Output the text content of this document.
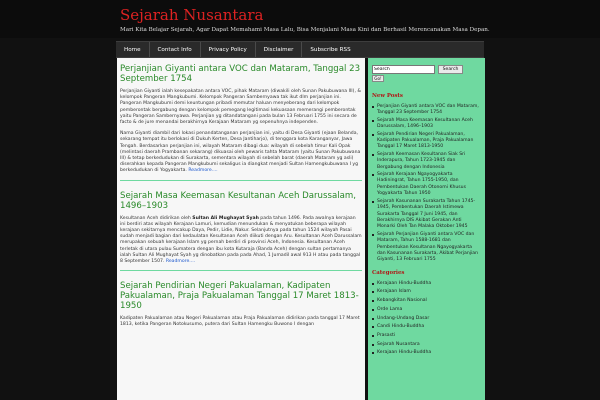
Sejarah Nusantara
Mari Kita Belajar Sejarah, Agar Dapat Memahami Masa Lalu, Bisa Menjalani Masa Kini dan Berhasil Merencanakan Masa Depan.
Home	Contact Info	Privacy Policy	Disclaimer	Subscribe RSS
Perjanjian Giyanti antara VOC dan Mataram, Tanggal 23 September 1754

Perjanjian Giyanti ialah kesepakatan antara VOC, pihak Mataram (diwakili oleh Sunan Pakubuwana III), & kelompok Pangeran Mangkubumi. Kelompok Pangeran Sambernyawa tak ikut dlm perjanjian ini. Pangeran Mangkubumi demi keuntungan pribadi memutar haluan menyeberang dari kelompok pemberontak bergabung dengan kelompok pemegang legitimasi kekuasaan memerangi pemberontak yaitu Pangeran Sambernyawa. Perjanjian yg ditandatangani pada bulan 13 Februari 1755 ini secara de facto & de jure menandai berakhirnya Kerajaan Mataram yg sepenuhnya independen.

Nama Giyanti diambil dari lokasi penandatanganan perjanjian ini, yaitu di Desa Giyanti (ejaan Belanda, sekarang tempat itu berlokasi di Dukuh Kerten, Desa Jantiharjo), di tenggara kota Karanganyar, Jawa Tengah. Berdasarkan perjanjian ini, wilayah Mataram dibagi dua: wilayah di sebelah timur Kali Opak (melintasi daerah Prambanan sekarang) dikuasai oleh pewaris tahta Mataram (yaitu Sunan Pakubuwana III) & tetap berkedudukan di Surakarta, sementara wilayah di sebelah barat (daerah Mataram yg asli) diserahkan kepada Pangeran Mangkubumi sekaligus ia diangkat menjadi Sultan Hamengkubuwana I yg berkedudukan di Yogyakarta. Readmore....

Sejarah Masa Keemasan Kesultanan Aceh Darussalam, 1496–1903

Kesultanan Aceh didirikan oleh Sultan Ali Mughayat Syah pada tahun 1496. Pada awalnya kerajaan ini berdiri atas wilayah Kerajaan Lamuri, kemudian menundukan & menyatukan beberapa wilayah kerajaan sekitarnya mencakup Daya, Pedir, Lidie, Nakur. Selanjutnya pada tahun 1524 wilayah Pasai sudah menjadi bagian dari kedaulatan Kesultanan Aceh diikuti dengan Aru. Kesultanan Aceh Darussalam merupakan sebuah kerajaan Islam yg pernah berdiri di provinsi Aceh, Indonesia. Kesultanan Aceh terletak di utara pulau Sumatera dengan ibu kota Kutaraja (Banda Aceh) dengan sultan pertamanya ialah Sultan Ali Mughayat Syah yg dinobatkan pada pada Ahad, 1 Jumadil awal 913 H atau pada tanggal 8 September 1507. Readmore....

Sejarah Pendirian Negeri Pakualaman, Kadipaten Pakualaman, Praja Pakualaman Tanggal 17 Maret 1813-1950

Kadipaten Pakualaman atau Negeri Pakualaman atau Praja Pakualaman didirikan pada tanggal 17 Maret 1813, ketika Pangeran Notokusumo, putera dari Sultan Hamengku Buwono I dengan

Search
Search
Go!
New Posts
Perjanjian Giyanti antara VOC dan Mataram, Tanggal 23 September 1754
Sejarah Masa Keemasan Kesultanan Aceh Darussalam, 1496–1903
Sejarah Pendirian Negeri Pakualaman, Kadipaten Pakualaman, Praja Pakualaman Tanggal 17 Maret 1813-1950
Sejarah Keemasan Kesultanan Siak Sri Inderapura, Tahun 1723-1945 dan Bergabung dengan Indonesia
Sejarah Kerajaan Ngayogyakarta Hadiningrat, Tahun 1755-1950, dan Pembentukan Daerah Otonomi Khusus Yogyakarta Tahun 1950
Sejarah Kasunanan Surakarta Tahun 1745-1945, Pembentukan Daerah Istimewa Surakarta Tanggal 7 Juni 1945, dan Berakhirnya DIS Akibat Gerakan Anti Monarki Oleh Tan Malaka Oktober 1945
Sejarah Perjanjian Giyanti antara VOC dan Mataram, Tahun 1588-1681 dan Pembentukan Kesultanan Ngayogyakarta dan Kasunanan Surakarta, Akibat Perjanjian Giyanti, 13 Februari 1755
Categories
Kerajaan Hindu-Buddha
Kerajaan Islam
Kebangkitan Nasional
Orde Lama
Undang-Undang Dasar
Candi Hindu-Buddha
Prasasti
Sejarah Nusantara
Kerajaan Hindu-Buddha
